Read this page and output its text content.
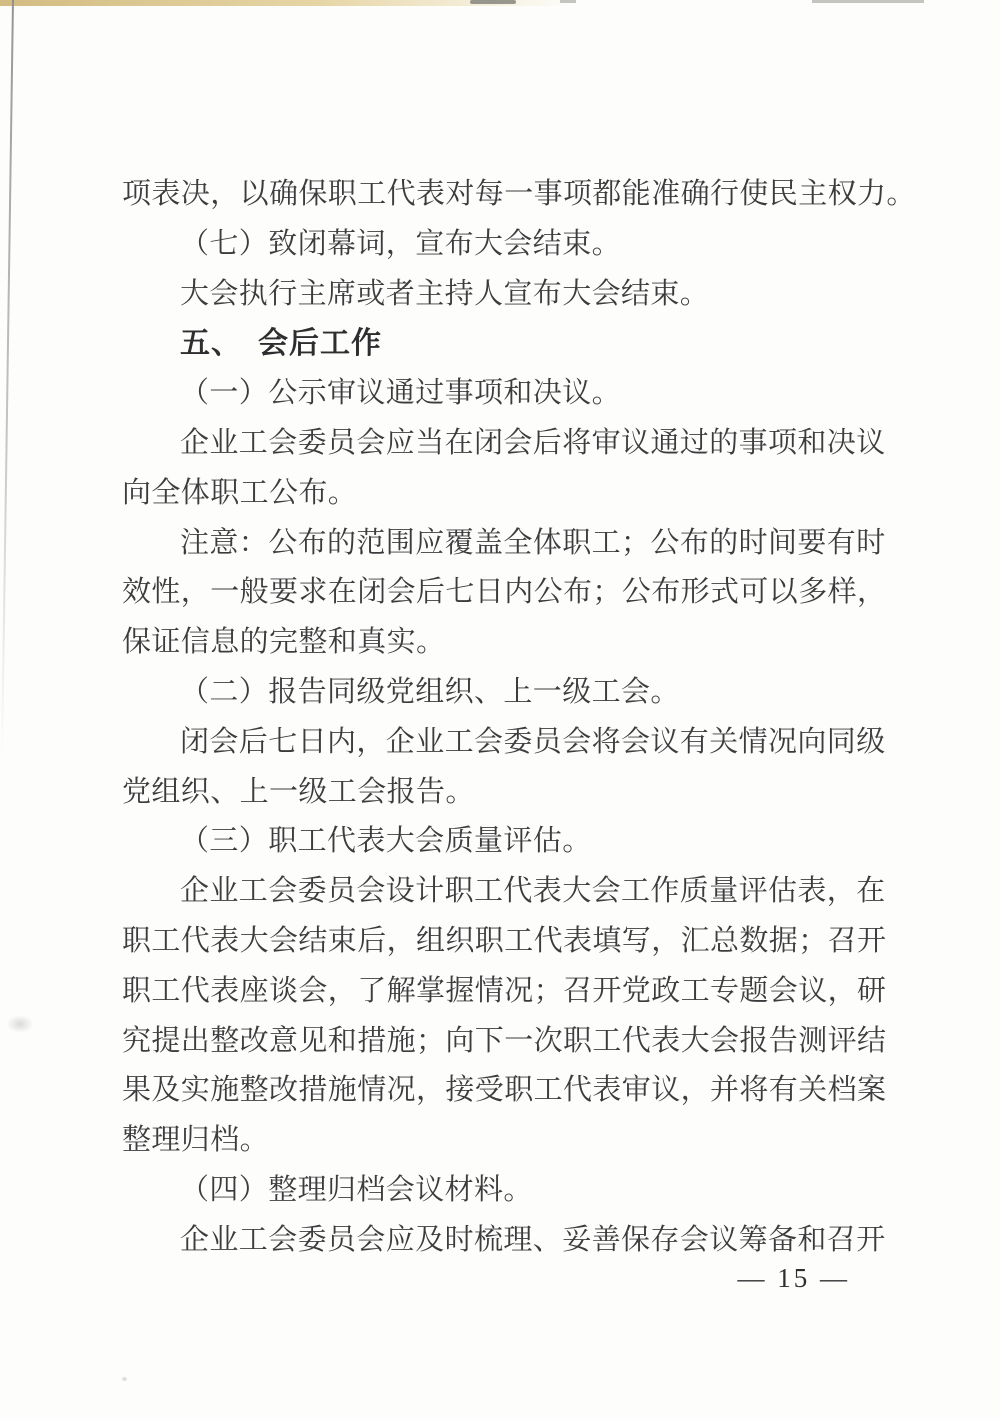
项表决，以确保职工代表对每一事项都能准确行使民主权力。
（七）致闭幕词，宣布大会结束。
大会执行主席或者主持人宣布大会结束。
五、　会后工作
（一）公示审议通过事项和决议。
企业工会委员会应当在闭会后将审议通过的事项和决议
向全体职工公布。
注意：公布的范围应覆盖全体职工；公布的时间要有时
效性，一般要求在闭会后七日内公布；公布形式可以多样，
保证信息的完整和真实。
（二）报告同级党组织、上一级工会。
闭会后七日内，企业工会委员会将会议有关情况向同级
党组织、上一级工会报告。
（三）职工代表大会质量评估。
企业工会委员会设计职工代表大会工作质量评估表，在
职工代表大会结束后，组织职工代表填写，汇总数据；召开
职工代表座谈会，了解掌握情况；召开党政工专题会议，研
究提出整改意见和措施；向下一次职工代表大会报告测评结
果及实施整改措施情况，接受职工代表审议，并将有关档案
整理归档。
（四）整理归档会议材料。
企业工会委员会应及时梳理、妥善保存会议筹备和召开
— 15 —
